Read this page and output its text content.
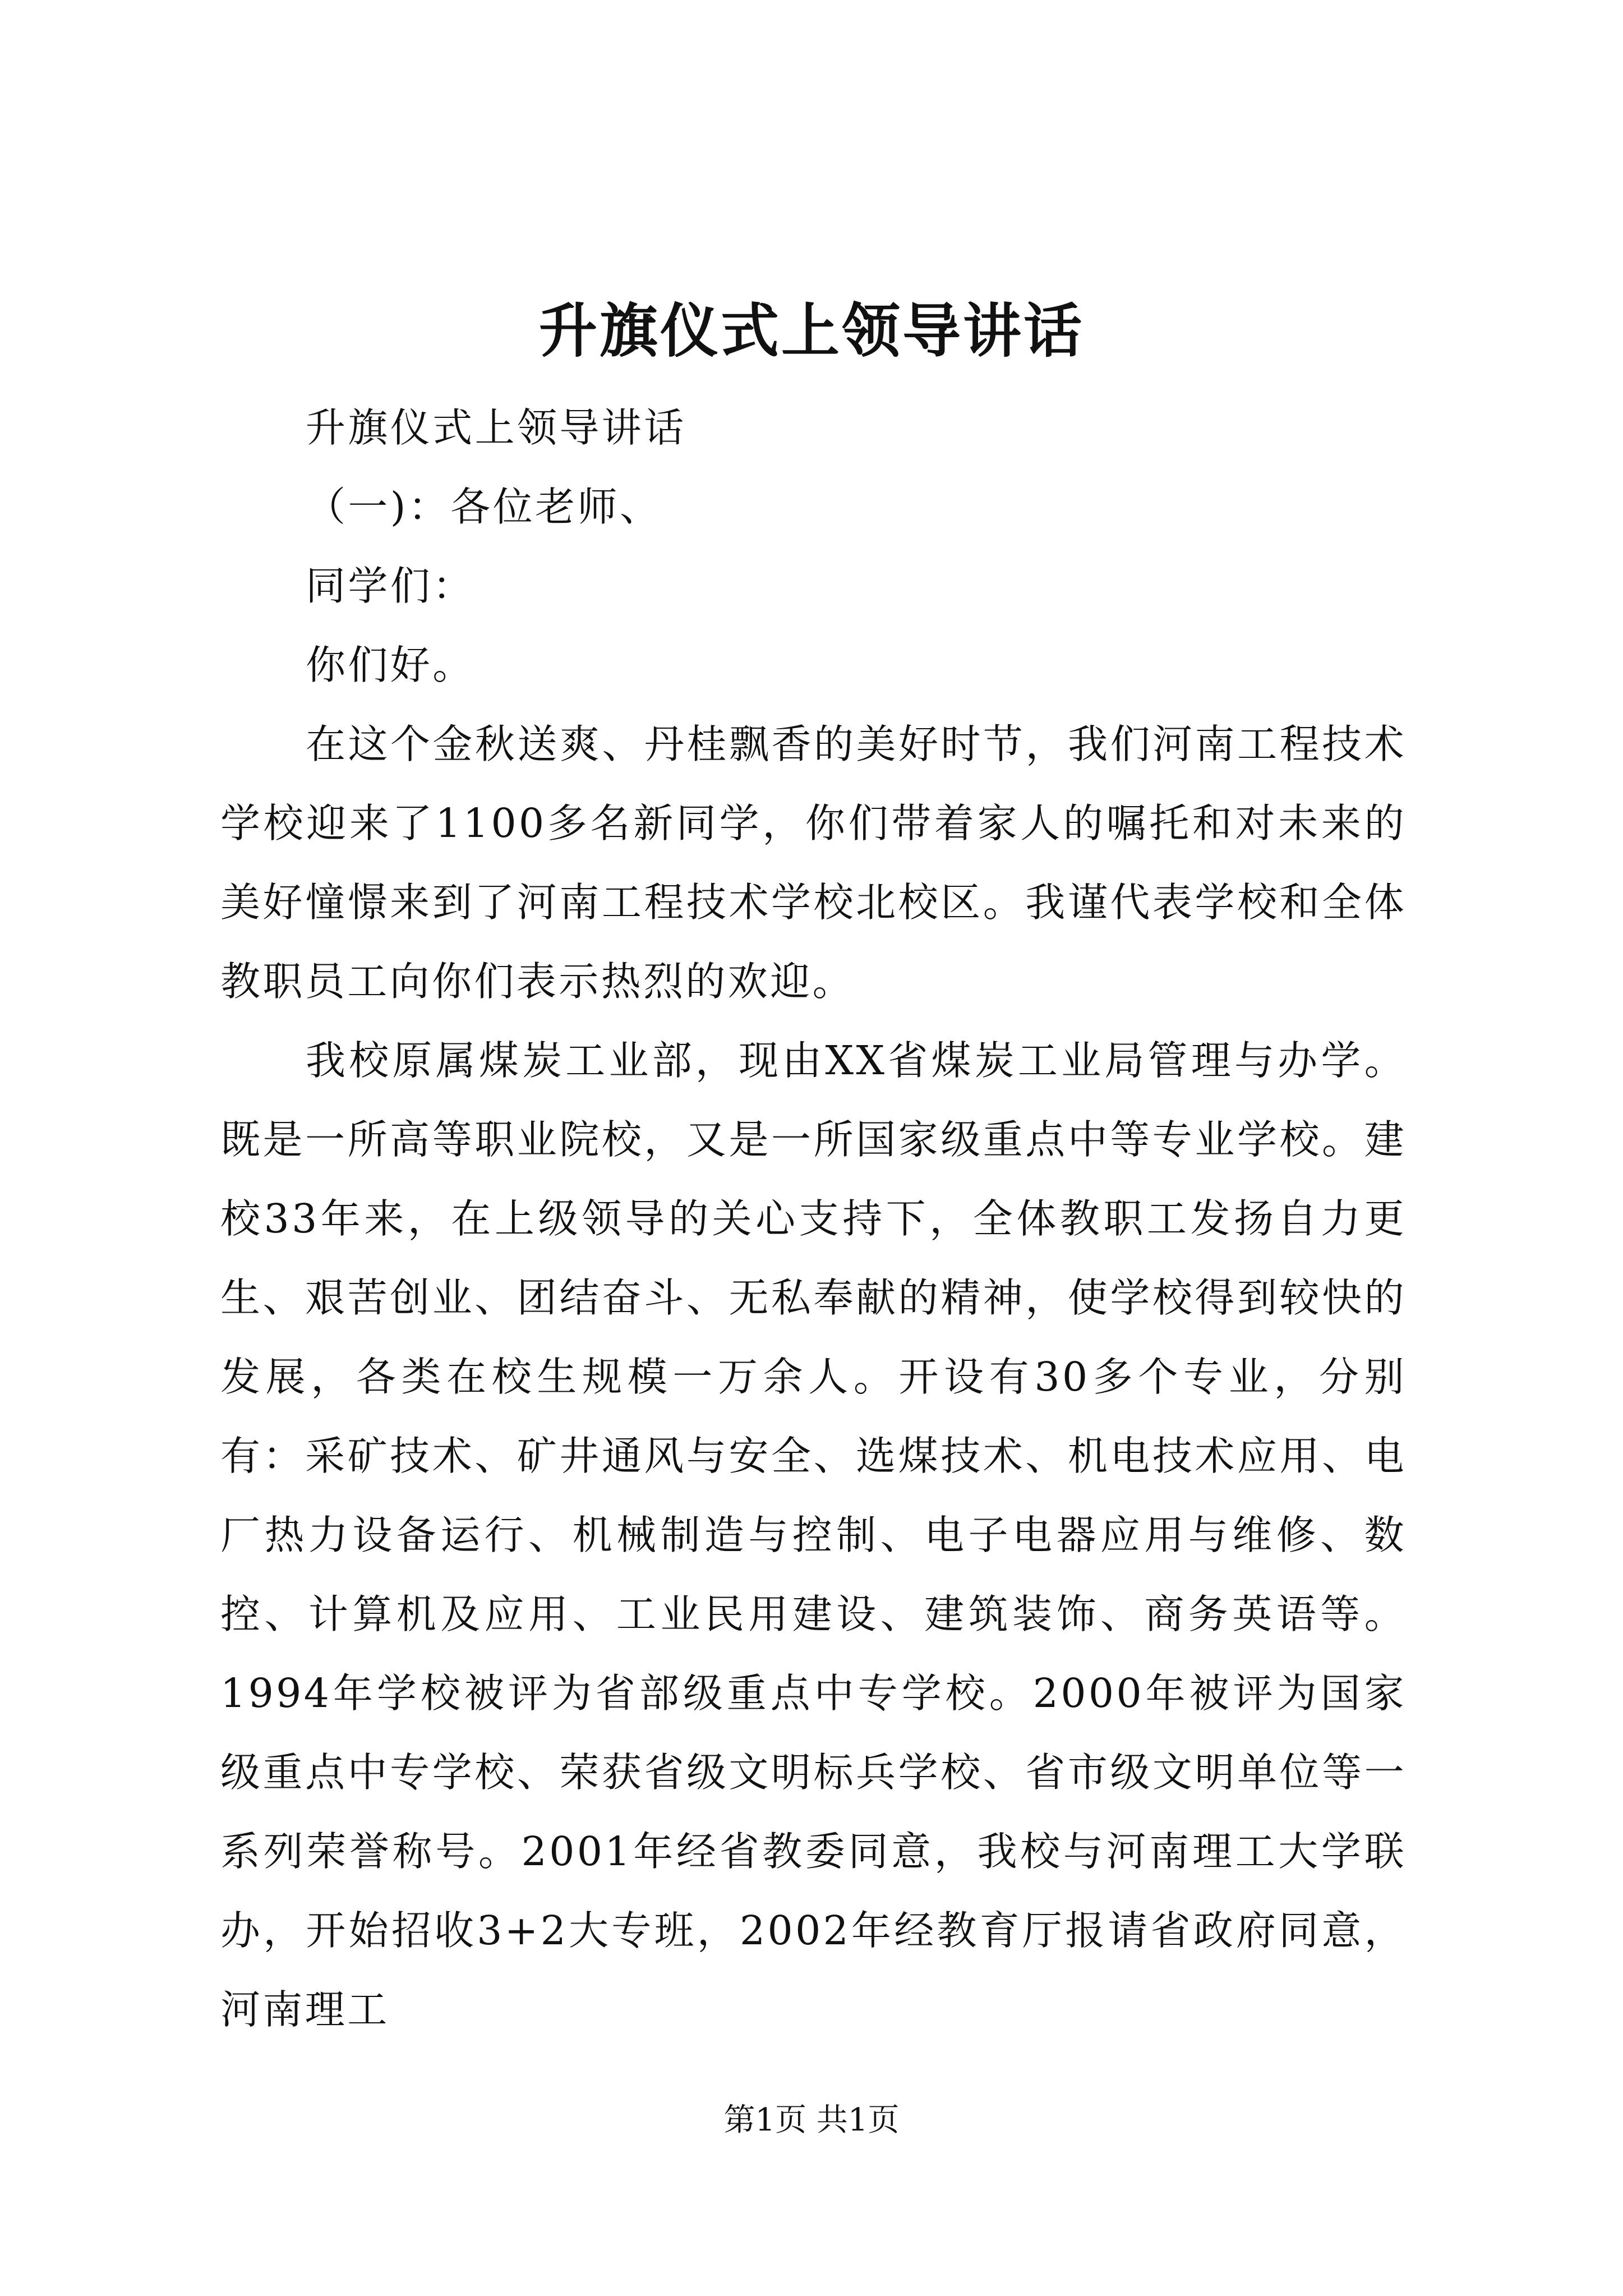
升旗仪式上领导讲话

升旗仪式上领导讲话

（一)：各位老师、

同学们：

你们好。

在这个金秋送爽、丹桂飘香的美好时节，我们河南工程技术学校迎来了1100多名新同学，你们带着家人的嘱托和对未来的美好憧憬来到了河南工程技术学校北校区。我谨代表学校和全体教职员工向你们表示热烈的欢迎。

我校原属煤炭工业部，现由XX省煤炭工业局管理与办学。既是一所高等职业院校，又是一所国家级重点中等专业学校。建校33年来，在上级领导的关心支持下，全体教职工发扬自力更生、艰苦创业、团结奋斗、无私奉献的精神，使学校得到较快的发展，各类在校生规模一万余人。开设有30多个专业，分别有：采矿技术、矿井通风与安全、选煤技术、机电技术应用、电厂热力设备运行、机械制造与控制、电子电器应用与维修、数控、计算机及应用、工业民用建设、建筑装饰、商务英语等。1994年学校被评为省部级重点中专学校。2000年被评为国家级重点中专学校、荣获省级文明标兵学校、省市级文明单位等一系列荣誉称号。2001年经省教委同意，我校与河南理工大学联办，开始招收3+2大专班，2002年经教育厅报请省政府同意，河南理工

第1页 共1页
